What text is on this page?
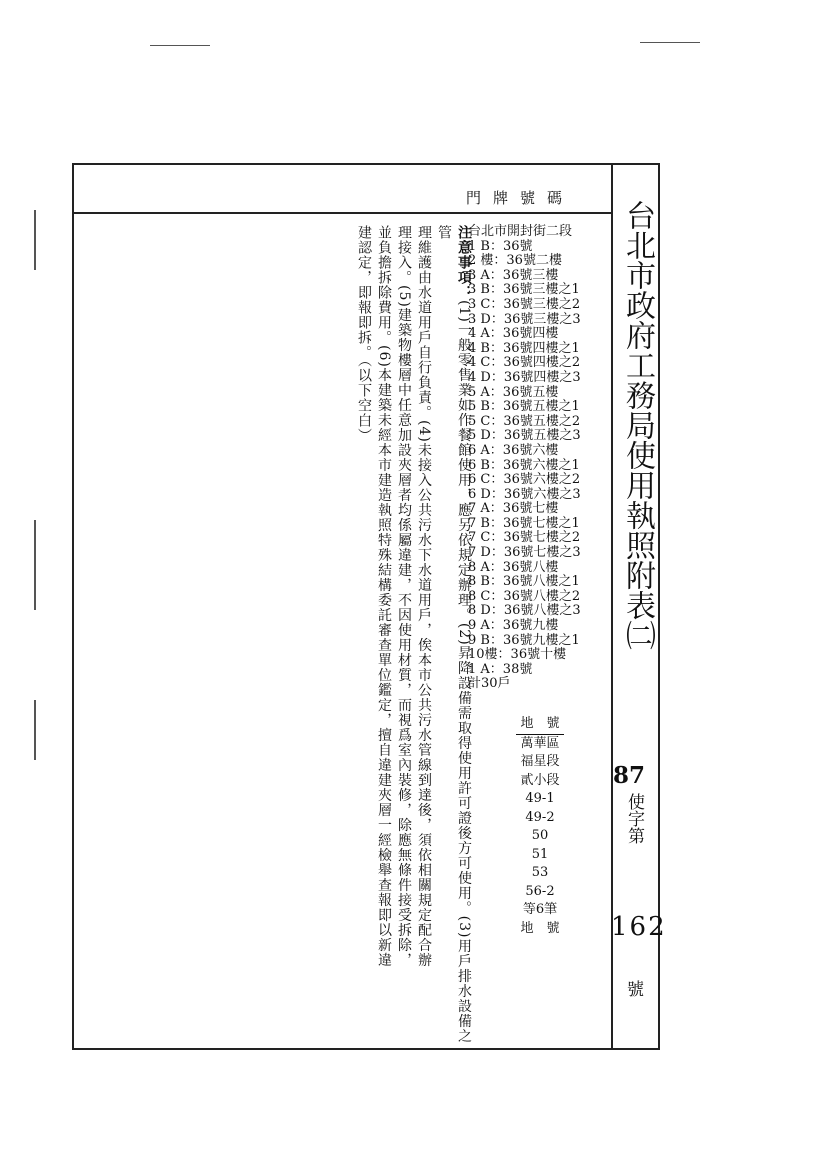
門牌號碼
台北市政府工務局使用執照附表㈡
87
使字第
162
號
台北市開封街二段
1 B：36號
2 樓：36號二樓
3 A：36號三樓
3 B：36號三樓之1
3 C：36號三樓之2
3 D：36號三樓之3
4 A：36號四樓
4 B：36號四樓之1
4 C：36號四樓之2
4 D：36號四樓之3
5 A：36號五樓
5 B：36號五樓之1
5 C：36號五樓之2
5 D：36號五樓之3
6 A：36號六樓
6 B：36號六樓之1
6 C：36號六樓之2
6 D：36號六樓之3
7 A：36號七樓
7 B：36號七樓之1
7 C：36號七樓之2
7 D：36號七樓之3
8 A：36號八樓
8 B：36號八樓之1
8 C：36號八樓之2
8 D：36號八樓之3
9 A：36號九樓
9 B：36號九樓之1
10樓：36號十樓
1 A：38號
計30戶
地　號
萬華區
福星段
貳小段
49-1
49-2
50
51
53
56-2
等6筆
地　號
注意事項：(1)一般零售業如作餐館使用，應另依規定辦理。(2)昇降設備需取得使用許可證後方可使用。(3)用戶排水設備之管
理維護由水道用戶自行負責。(4)未接入公共污水下水道用戶，俟本市公共污水管線到達後，須依相關規定配合辦
理接入。(5)建築物樓層中任意加設夾層者均係屬違建，不因使用材質，而視爲室內裝修，除應無條件接受拆除，
並負擔拆除費用。(6)本建築未經本市建造執照特殊結構委託審查單位鑑定，擅自違建夾層一經檢舉查報即以新違
建認定，即報即拆。（以下空白）
